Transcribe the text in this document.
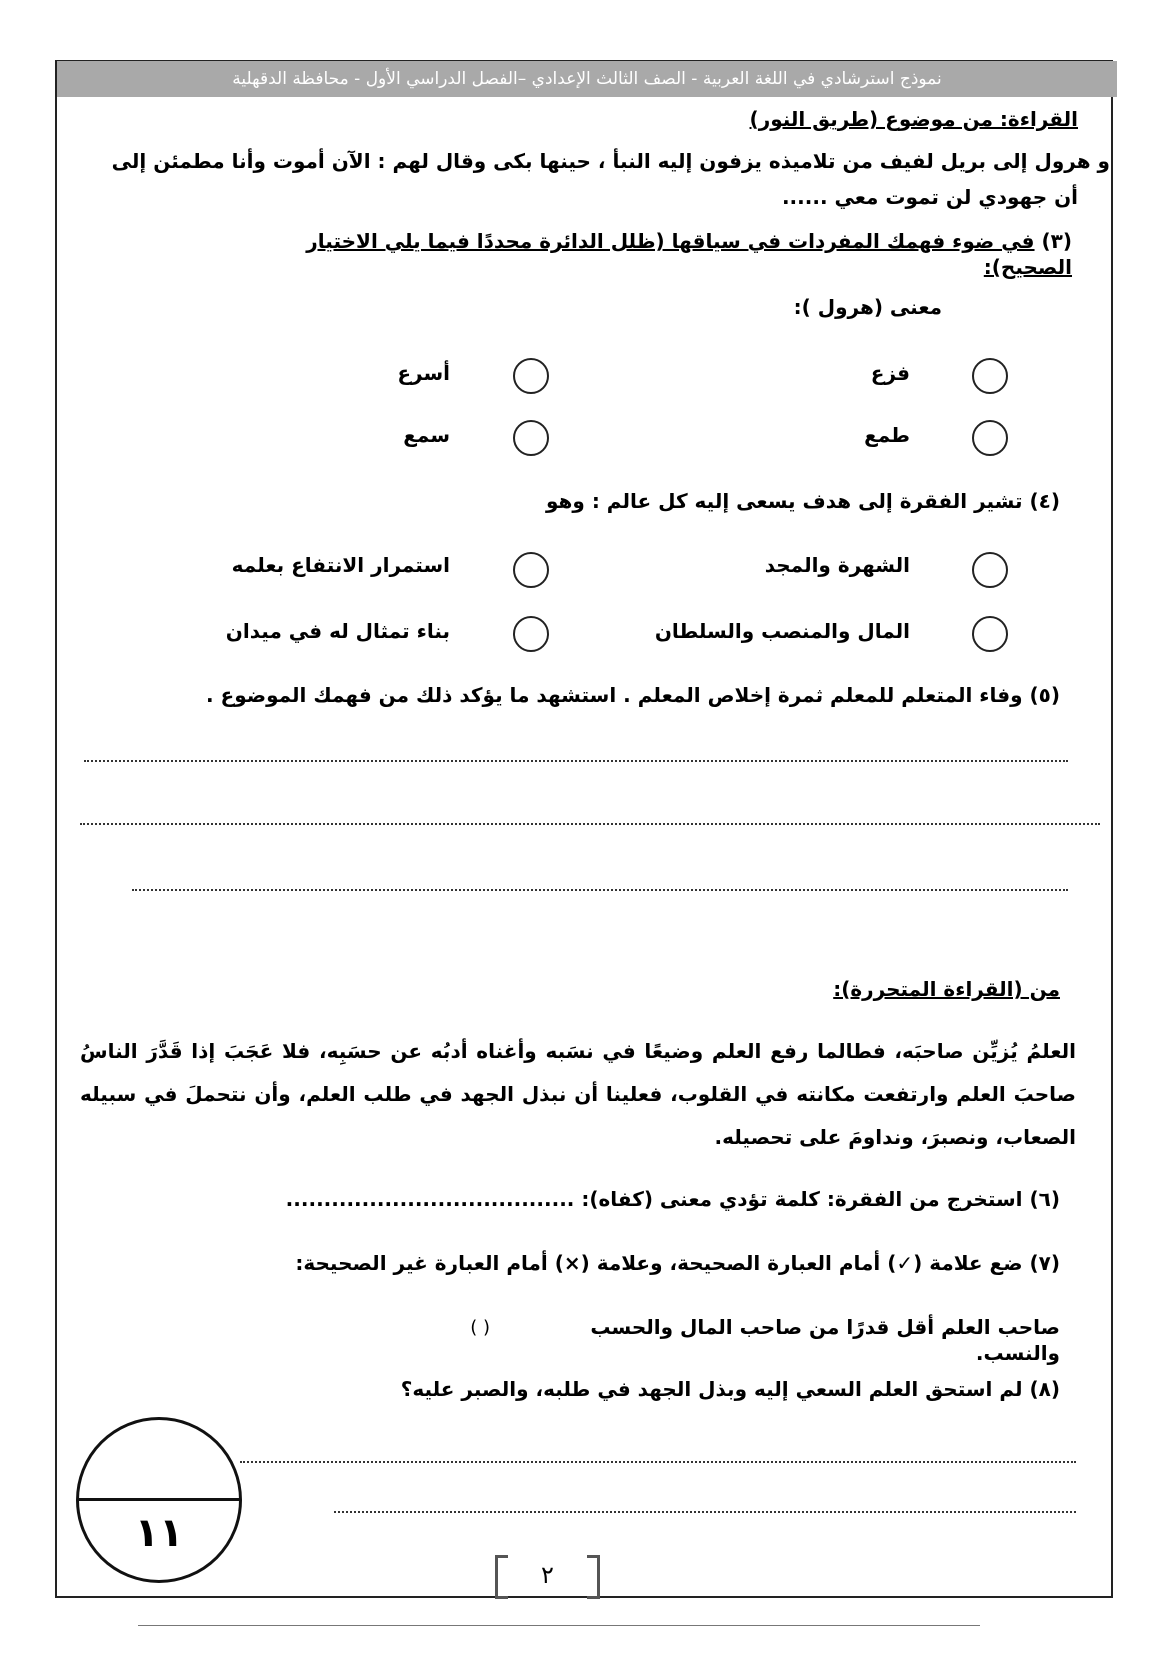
نموذج استرشادي في اللغة العربية - الصف الثالث الإعدادي –الفصل الدراسي الأول - محافظة الدقهلية
القراءة: من موضوع (طريق النور)
و هرول إلى بريل لفيف من تلاميذه يزفون إليه النبأ ، حينها بكى وقال لهم : الآن أموت وأنا مطمئن إلى
أن جهودي لن تموت معي ......
(٣) في ضوء فهمك المفردات في سياقها (ظلل الدائرة محددًا فيما يلي الاختيار الصحيح):
معنى (هرول ):
فزع
أسرع
طمع
سمع
(٤) تشير الفقرة إلى هدف يسعى إليه كل عالم : وهو
الشهرة والمجد
استمرار الانتفاع بعلمه
المال والمنصب والسلطان
بناء تمثال له في ميدان
(٥) وفاء المتعلم للمعلم ثمرة إخلاص المعلم . استشهد ما يؤكد ذلك من فهمك الموضوع .
من (القراءة المتحررة):
العلمُ يُزيِّن صاحبَه، فطالما رفع العلم وضيعًا في نسَبه وأغناه أدبُه عن حسَبِه، فلا عَجَبَ إذا قَدَّرَ الناسُ صاحبَ العلم وارتفعت مكانته في القلوب، فعلينا أن نبذل الجهد في طلب العلم، وأن نتحملَ في سبيله الصعاب، ونصبرَ، ونداومَ على تحصيله.
(٦) استخرج من الفقرة: كلمة تؤدي معنى (كفاه): ......................................
(٧) ضع علامة (✓) أمام العبارة الصحيحة، وعلامة (×) أمام العبارة غير الصحيحة:
صاحب العلم أقل قدرًا من صاحب المال والحسب والنسب.
( )
(٨) لم استحق العلم السعي إليه وبذل الجهد في طلبه، والصبر عليه؟
١١
٢
